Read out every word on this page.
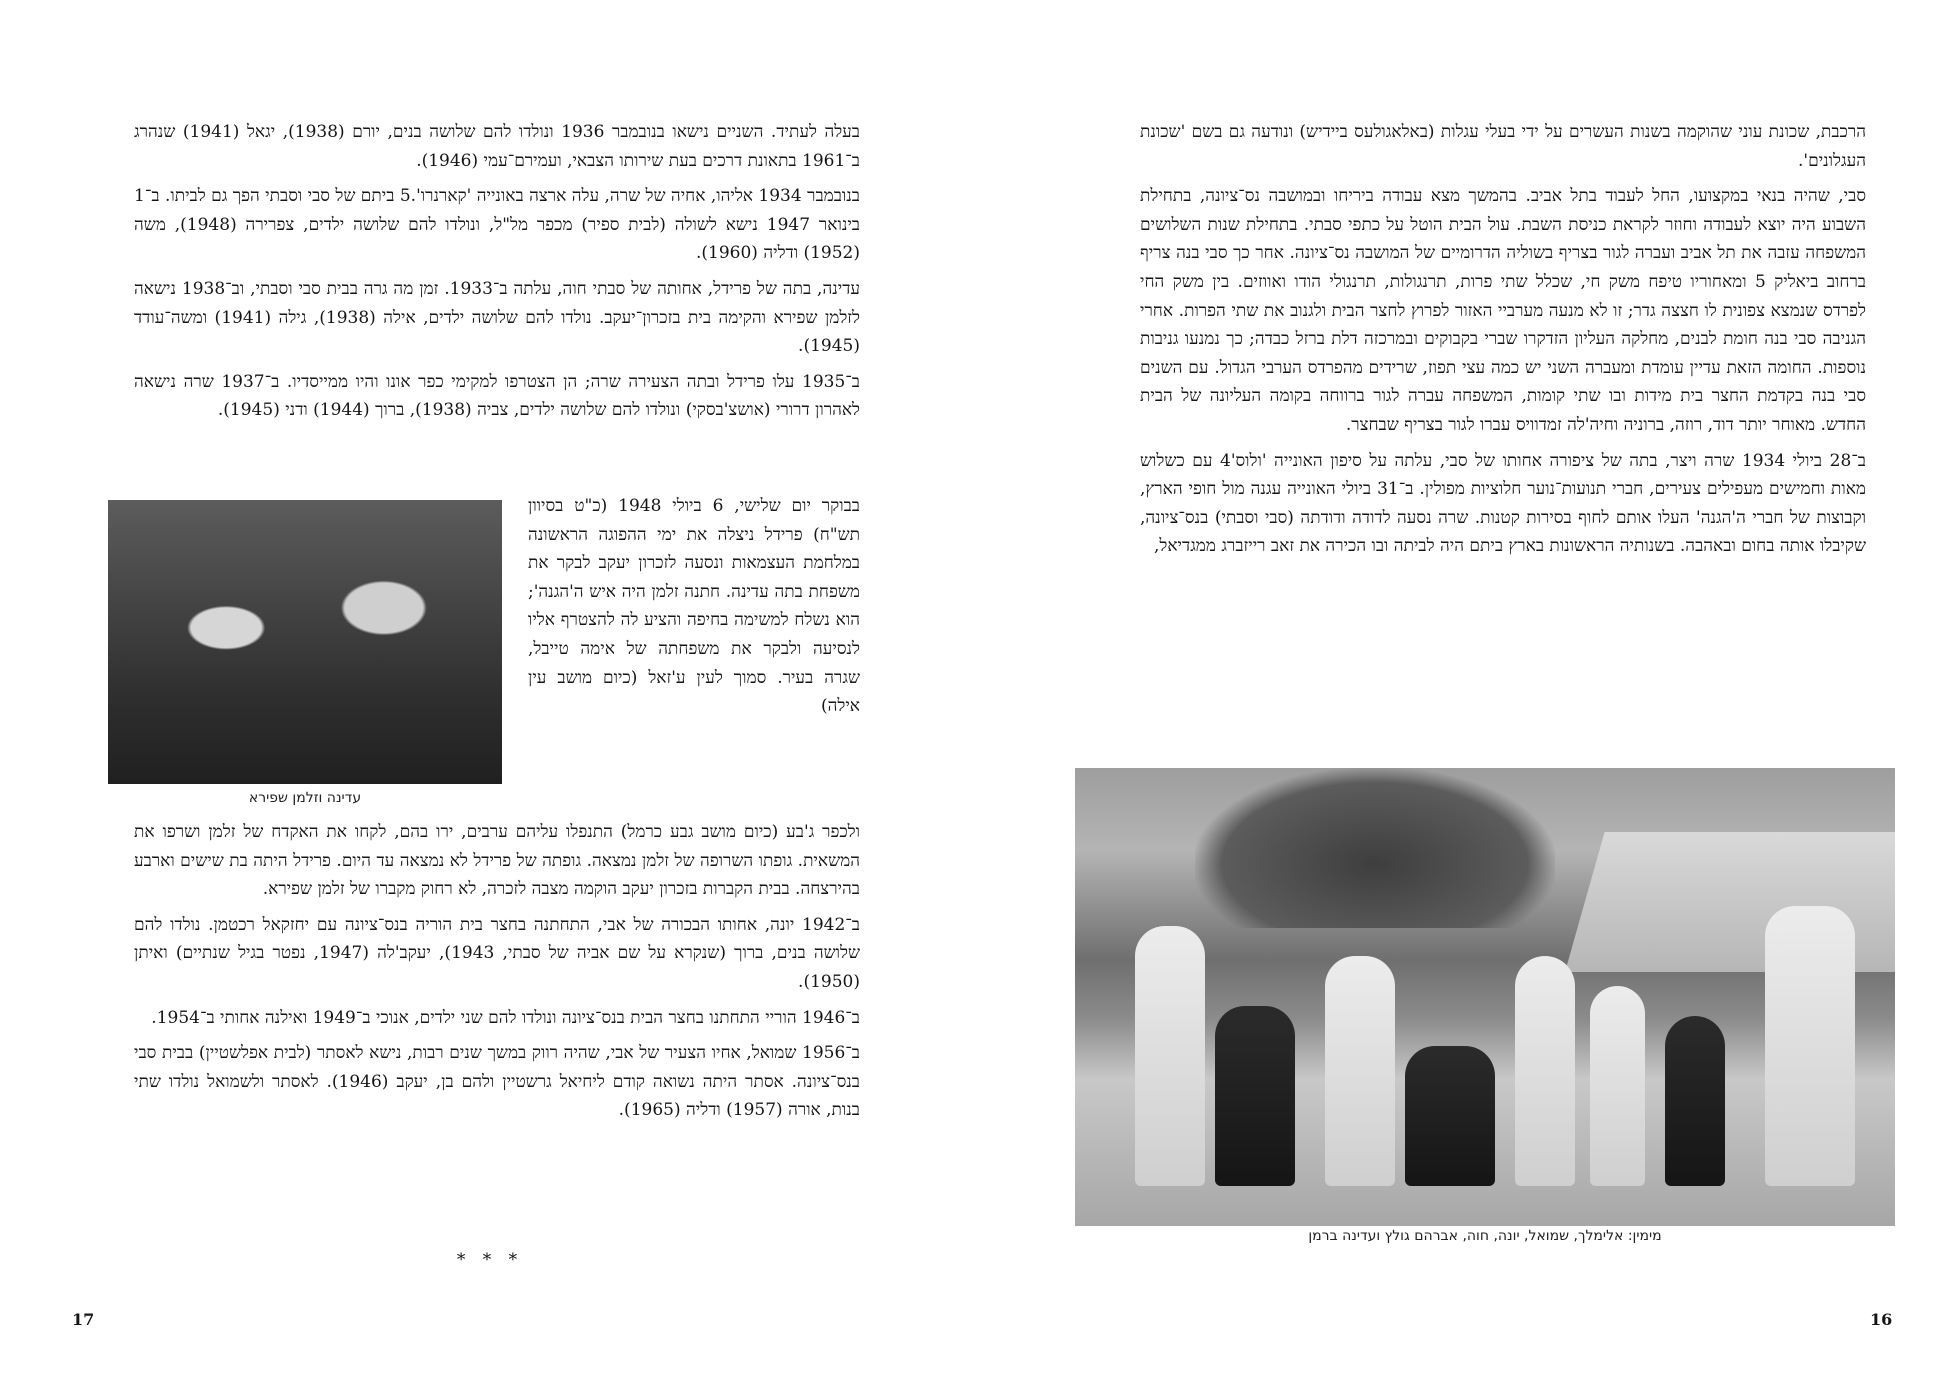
בעלה לעתיד. השניים נישאו בנובמבר 1936 ונולדו להם שלושה בנים, יורם (1938), יגאל (1941) שנהרג ב־1961 בתאונת דרכים בעת שירותו הצבאי, ועמירם־עמי (1946).

בנובמבר 1934 אליהו, אחיה של שרה, עלה ארצה באונייה 'קארנרו'.5 ביתם של סבי וסבתי הפך גם לביתו. ב־1 בינואר 1947 נישא לשולה (לבית ספיר) מכפר מל"ל, ונולדו להם שלושה ילדים, צפרירה (1948), משה (1952) ודליה (1960).

עדינה, בתה של פרידל, אחותה של סבתי חוה, עלתה ב־1933. זמן מה גרה בבית סבי וסבתי, וב־1938 נישאה לזלמן שפירא והקימה בית בזכרון־יעקב. נולדו להם שלושה ילדים, אילה (1938), גילה (1941) ומשה־עודד (1945).

ב־1935 עלו פרידל ובתה הצעירה שרה; הן הצטרפו למקימי כפר אונו והיו ממייסדיו. ב־1937 שרה נישאה לאהרון דרורי (אושצ'בסקי) ונולדו להם שלושה ילדים, צביה (1938), ברוך (1944) ודני (1945).

עדינה וזלמן שפירא
בבוקר יום שלישי, 6 ביולי 1948 (כ"ט בסיוון תש"ח) פרידל ניצלה את ימי ההפוגה הראשונה במלחמת העצמאות ונסעה לזכרון יעקב לבקר את משפחת בתה עדינה. חתנה זלמן היה איש ה'הגנה'; הוא נשלח למשימה בחיפה והציע לה להצטרף אליו לנסיעה ולבקר את משפחתה של אימה טייבל, שגרה בעיר. סמוך לעין ע'זאל (כיום מושב עין אילה)

ולכפר ג'בע (כיום מושב גבע כרמל) התנפלו עליהם ערבים, ירו בהם, לקחו את האקדח של זלמן ושרפו את המשאית. גופתו השרופה של זלמן נמצאה. גופתה של פרידל לא נמצאה עד היום. פרידל היתה בת שישים וארבע בהירצחה. בבית הקברות בזכרון יעקב הוקמה מצבה לזכרה, לא רחוק מקברו של זלמן שפירא.

ב־1942 יונה, אחותו הבכורה של אבי, התחתנה בחצר בית הוריה בנס־ציונה עם יחזקאל רכטמן. נולדו להם שלושה בנים, ברוך (שנקרא על שם אביה של סבתי, 1943), יעקב'לה (1947, נפטר בגיל שנתיים) ואיתן (1950).

ב־1946 הוריי התחתנו בחצר הבית בנס־ציונה ונולדו להם שני ילדים, אנוכי ב־1949 ואילנה אחותי ב־1954.

ב־1956 שמואל, אחיו הצעיר של אבי, שהיה רווק במשך שנים רבות, נישא לאסתר (לבית אפלשטיין) בבית סבי בנס־ציונה. אסתר היתה נשואה קודם ליחיאל גרשטיין ולהם בן, יעקב (1946). לאסתר ולשמואל נולדו שתי בנות, אורה (1957) ודליה (1965).

* * *
17

הרכבת, שכונת עוני שהוקמה בשנות העשרים על ידי בעלי עגלות (באלאגולעס ביידיש) ונודעה גם בשם 'שכונת העגלונים'.

סבי, שהיה בנאי במקצועו, החל לעבוד בתל אביב. בהמשך מצא עבודה ביריחו ובמושבה נס־ציונה, בתחילת השבוע היה יוצא לעבודה וחוזר לקראת כניסת השבת. עול הבית הוטל על כתפי סבתי. בתחילת שנות השלושים המשפחה עזבה את תל אביב ועברה לגור בצריף בשוליה הדרומיים של המושבה נס־ציונה. אחר כך סבי בנה צריף ברחוב ביאליק 5 ומאחוריו טיפח משק חי, שכלל שתי פרות, תרנגולות, תרנגולי הודו ואווזים. בין משק החי לפרדס שנמצא צפונית לו חצצה גדר; זו לא מנעה מערביי האזור לפרוץ לחצר הבית ולגנוב את שתי הפרות. אחרי הגניבה סבי בנה חומת לבנים, מחלקה העליון הזדקרו שברי בקבוקים ובמרכזה דלת ברזל כבדה; כך נמנעו גניבות נוספות. החומה הזאת עדיין עומדת ומעברה השני יש כמה עצי תפוז, שרידים מהפרדס הערבי הגדול. עם השנים סבי בנה בקדמת החצר בית מידות ובו שתי קומות, המשפחה עברה לגור ברווחה בקומה העליונה של הבית החדש. מאוחר יותר דוד, רוזה, ברוניה וחיה'לה זמדוויס עברו לגור בצריף שבחצר.

ב־28 ביולי 1934 שרה ויצר, בתה של ציפורה אחותו של סבי, עלתה על סיפון האונייה 'ולוס'4 עם כשלוש מאות וחמישים מעפילים צעירים, חברי תנועות־נוער חלוציות מפולין. ב־31 ביולי האונייה עגנה מול חופי הארץ, וקבוצות של חברי ה'הגנה' העלו אותם לחוף בסירות קטנות. שרה נסעה לדודה ודודתה (סבי וסבתי) בנס־ציונה, שקיבלו אותה בחום ובאהבה. בשנותיה הראשונות בארץ ביתם היה לביתה ובו הכירה את זאב רייזברג ממגדיאל,

מימין: אלימלך, שמואל, יונה, חוה, אברהם גולץ ועדינה ברמן
16
